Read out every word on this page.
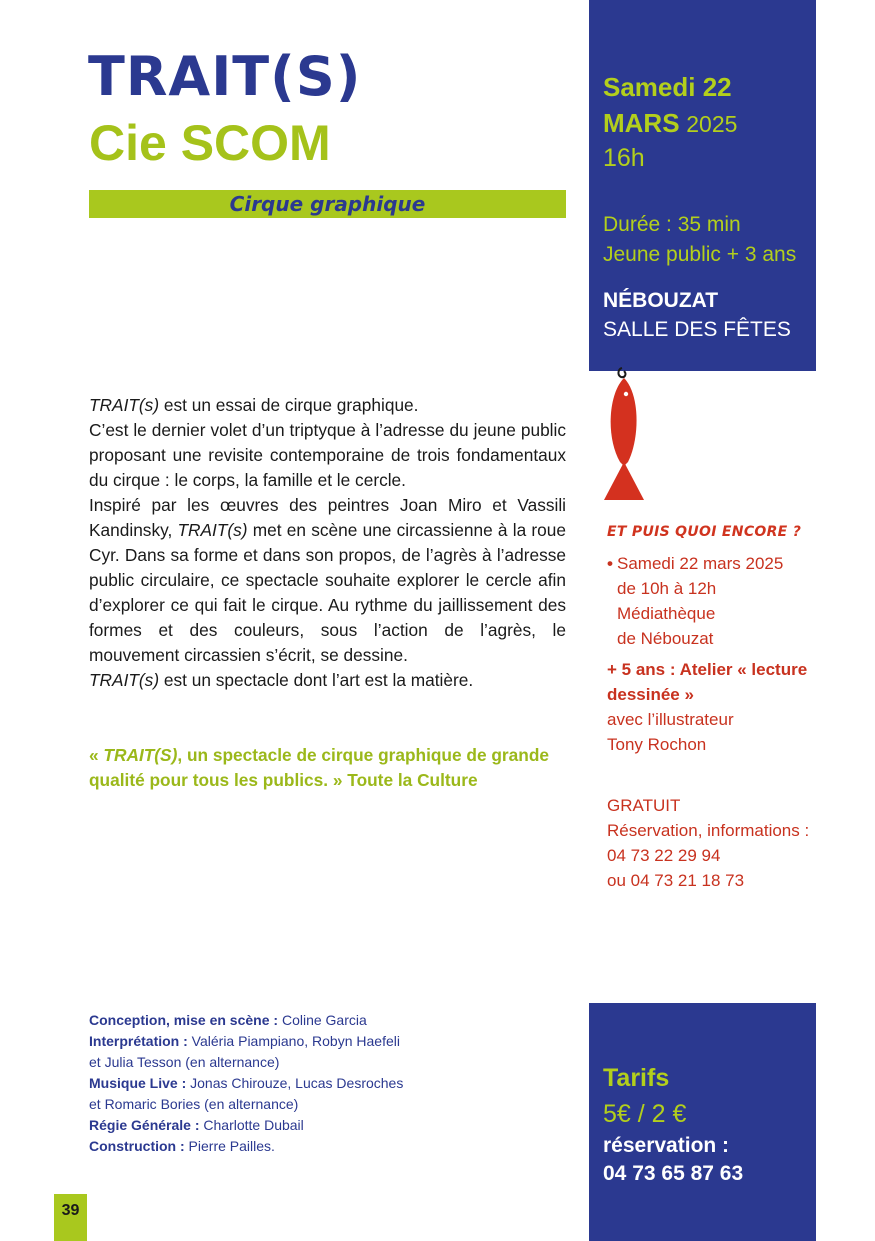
TRAIT(S)
Cie SCOM
Cirque graphique
Samedi 22
MARS 2025
16h
Durée : 35 min
Jeune public + 3 ans
NÉBOUZAT
SALLE DES FÊTES

TRAIT(s) est un essai de cirque graphique.

C’est le dernier volet d’un triptyque à l’adresse du jeune public proposant une revisite contemporaine de trois fondamentaux du cirque : le corps, la famille et le cercle.

Inspiré par les œuvres des peintres Joan Miro et Vassili Kandinsky, TRAIT(s) met en scène une circassienne à la roue Cyr. Dans sa forme et dans son propos, de l’agrès à l’adresse public circulaire, ce spectacle souhaite explorer le cercle afin d’explorer ce qui fait le cirque. Au rythme du jaillissement des formes et des couleurs, sous l’action de l’agrès, le mouvement circassien s’écrit, se dessine.

TRAIT(s) est un spectacle dont l’art est la matière.

« TRAIT(S), un spectacle de cirque graphique de grande qualité pour tous les publics. » Toute la Culture
ET PUIS QUOI ENCORE ?
• Samedi 22 mars 2025
de 10h à 12h
Médiathèque
de Nébouzat
+ 5 ans : Atelier « lecture
dessinée »
avec l’illustrateur
Tony Rochon
GRATUIT
Réservation, informations :
04 73 22 29 94
ou 04 73 21 18 73
Conception, mise en scène : Coline Garcia
Interprétation : Valéria Piampiano, Robyn Haefeli
et Julia Tesson (en alternance)
Musique Live : Jonas Chirouze, Lucas Desroches
et Romaric Bories (en alternance)
Régie Générale : Charlotte Dubail
Construction : Pierre Pailles.
Tarifs
5€ / 2 €
réservation :
04 73 65 87 63
39
